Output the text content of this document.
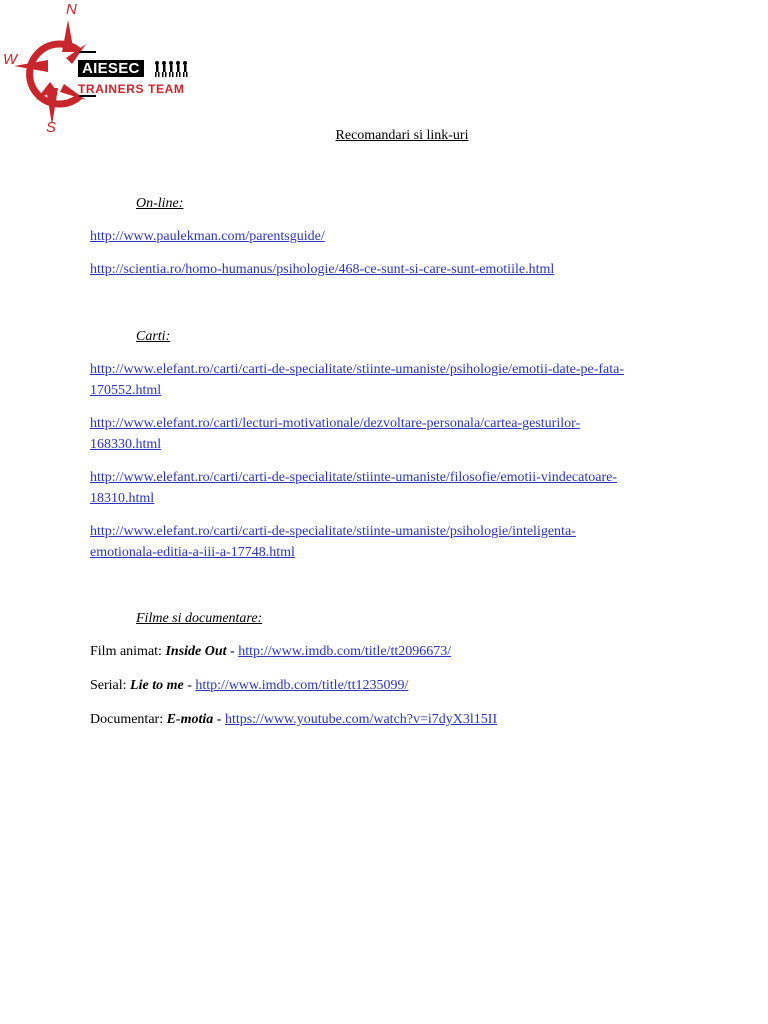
N
W
S
AIESEC
TRAINERS TEAM
Recomandari si link-uri
On-line:
http://www.paulekman.com/parentsguide/
http://scientia.ro/homo-humanus/psihologie/468-ce-sunt-si-care-sunt-emotiile.html
Carti:
http://www.elefant.ro/carti/carti-de-specialitate/stiinte-umaniste/psihologie/emotii-date-pe-fata-
170552.html
http://www.elefant.ro/carti/lecturi-motivationale/dezvoltare-personala/cartea-gesturilor-
168330.html
http://www.elefant.ro/carti/carti-de-specialitate/stiinte-umaniste/filosofie/emotii-vindecatoare-
18310.html
http://www.elefant.ro/carti/carti-de-specialitate/stiinte-umaniste/psihologie/inteligenta-
emotionala-editia-a-iii-a-17748.html
Filme si documentare:
Film animat: Inside Out - http://www.imdb.com/title/tt2096673/
Serial: Lie to me - http://www.imdb.com/title/tt1235099/
Documentar: E-motia - https://www.youtube.com/watch?v=i7dyX3l15II
